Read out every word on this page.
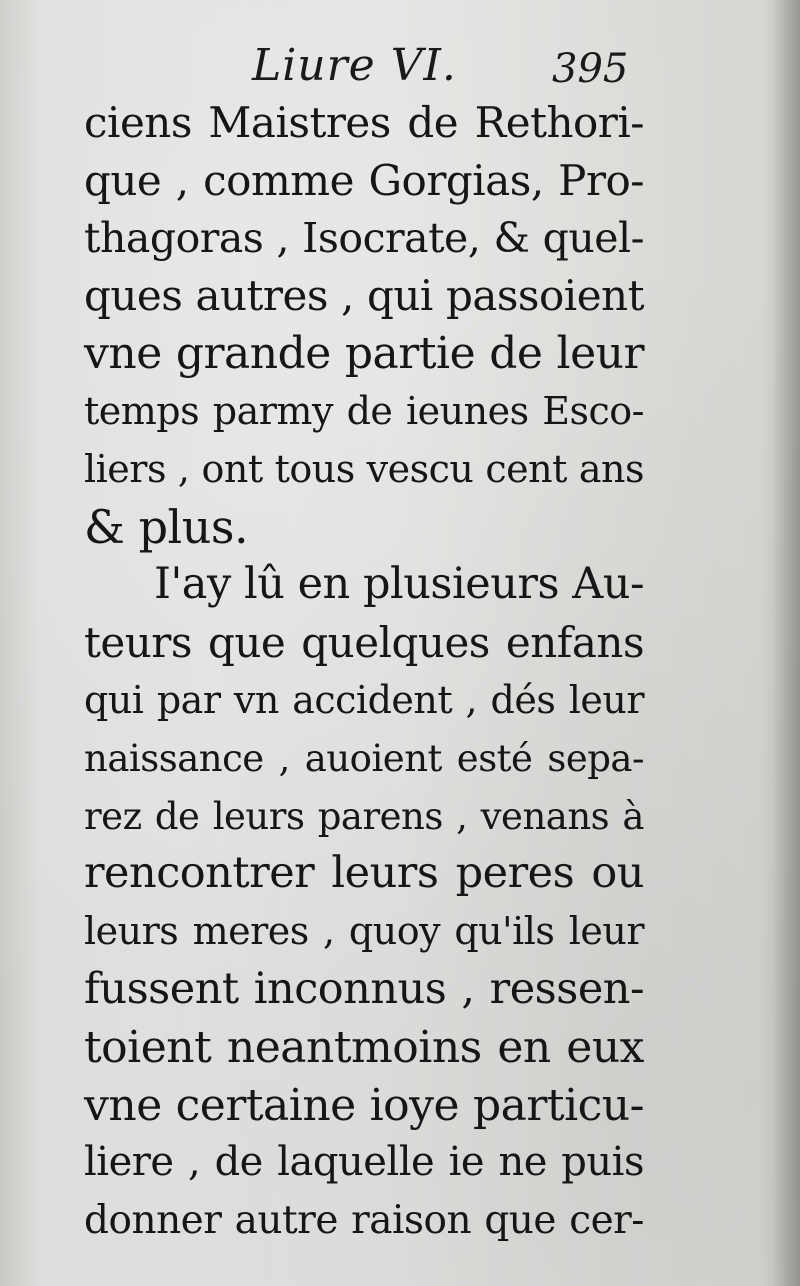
Liure VI. 395
ciens Maistres de Rethori-
que , comme Gorgias, Pro-
thagoras , Isocrate, & quel-
ques autres , qui passoient
vne grande partie de leur
temps parmy de ieunes Esco-
liers , ont tous vescu cent ans
& plus.
I'ay lû en plusieurs Au-
teurs que quelques enfans
qui par vn accident , dés leur
naissance , auoient esté sepa-
rez de leurs parens , venans à
rencontrer leurs peres ou
leurs meres , quoy qu'ils leur
fussent inconnus , ressen-
toient neantmoins en eux
vne certaine ioye particu-
liere , de laquelle ie ne puis
donner autre raison que cer-
